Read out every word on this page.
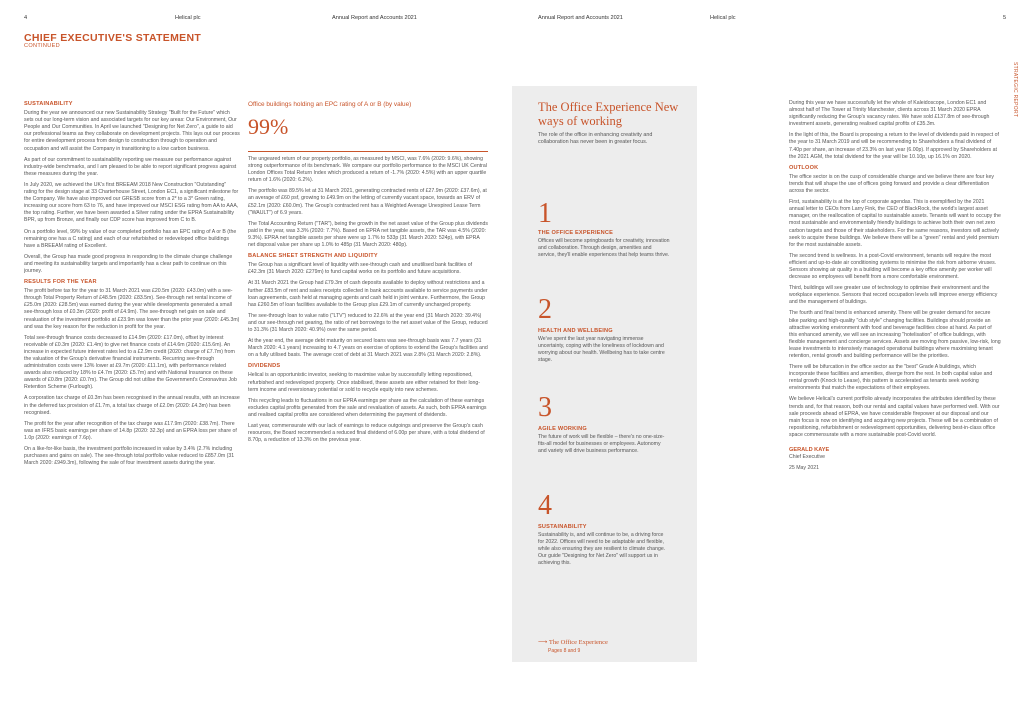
4	Helical plc	Annual Report and Accounts 2021
CHIEF EXECUTIVE'S STATEMENT
CONTINUED
SUSTAINABILITY

During the year we announced our new Sustainability Strategy "Built for the Future" which sets out our long-term vision and associated targets for our key areas: Our Environment, Our People and Our Communities. In April we launched "Designing for Net Zero", a guide to aid our professional teams as they collaborate on development projects. This lays out our process for entire development process from design to construction through to operation and occupation and will assist the Company in transitioning to a low carbon business.

As part of our commitment to sustainability reporting we measure our performance against industry-wide benchmarks, and I am pleased to be able to report significant progress against these measures during the year.

In July 2020, we achieved the UK's first BREEAM 2018 New Construction "Outstanding" rating for the design stage at 33 Charterhouse Street, London EC1, a significant milestone for the Company. We have also improved our GRESB score from a 2* to a 3* Green rating, increasing our score from 63 to 76, and have improved our MSCI ESG rating from AA to AAA, the top rating. Further, we have been awarded a Silver rating under the EPRA Sustainability BPR, up from Bronze, and finally our CDP score has improved from C to B.

On a portfolio level, 99% by value of our completed portfolio has an EPC rating of A or B (the remaining one has a C rating) and each of our refurbished or redeveloped office buildings have a BREEAM rating of Excellent.

Overall, the Group has made good progress in responding to the climate change challenge and meeting its sustainability targets and importantly has a clear path to continue on this journey.

RESULTS FOR THE YEAR

The profit before tax for the year to 31 March 2021 was £20.5m (2020: £43.0m) with a see-through Total Property Return of £48.5m (2020: £83.5m). See-through net rental income of £25.0m (2020: £28.5m) was earned during the year while developments generated a small see-through loss of £0.3m (2020: profit of £4.9m). The see-through net gain on sale and revaluation of the investment portfolio at £23.9m was lower than the prior year (2020: £45.3m) and was the key reason for the reduction in profit for the year.

Total see-through finance costs decreased to £14.9m (2020: £17.0m), offset by interest receivable of £0.3m (2020: £1.4m) to give net finance costs of £14.6m (2020: £15.6m). An increase in expected future interest rates led to a £2.9m credit (2020: charge of £7.7m) from the valuation of the Group's derivative financial instruments. Recurring see-through administration costs were 13% lower at £9.7m (2020: £11.1m), with performance related awards also reduced by 18% to £4.7m (2020: £5.7m) and with National Insurance on these awards of £0.8m (2020: £0.7m). The Group did not utilise the Government's Coronavirus Job Retention Scheme (Furlough).

A corporation tax charge of £0.3m has been recognised in the annual results, with an increase in the deferred tax provision of £1.7m, a total tax charge of £2.0m (2020: £4.3m) has been recognised.

The profit for the year after recognition of the tax charge was £17.9m (2020: £38.7m). There was an IFRS basic earnings per share of 14.8p (2020: 32.3p) and an EPRA loss per share of 1.0p (2020: earnings of 7.6p).

On a like-for-like basis, the investment portfolio increased in value by 3.4% (2.7% including purchases and gains on sale). The see-through total portfolio value reduced to £857.0m (31 March 2020: £949.3m), following the sale of four investment assets during the year.

Office buildings holding an EPC rating of A or B (by value)
99%

The ungeared return of our property portfolio, as measured by MSCI, was 7.6% (2020: 9.6%), showing strong outperformance of its benchmark. We compare our portfolio performance to the MSCI UK Central London Offices Total Return Index which produced a return of -1.7% (2020: 4.5%) with an upper quartile return of 1.6% (2020: 6.2%).

The portfolio was 89.5% let at 31 March 2021, generating contracted rents of £27.9m (2020: £37.6m), at an average of £60 psf, growing to £49.9m on the letting of currently vacant space, towards an ERV of £52.1m (2020: £60.0m). The Group's contracted rent has a Weighted Average Unexpired Lease Term ("WAULT") of 6.9 years.

The Total Accounting Return ("TAR"), being the growth in the net asset value of the Group plus dividends paid in the year, was 3.3% (2020: 7.7%). Based on EPRA net tangible assets, the TAR was 4.5% (2020: 9.3%). EPRA net tangible assets per share were up 1.7% to 533p (31 March 2020: 524p), with EPRA net disposal value per share up 1.0% to 485p (31 March 2020: 480p).

BALANCE SHEET STRENGTH AND LIQUIDITY

The Group has a significant level of liquidity with see-through cash and unutilised bank facilities of £42.3m (31 March 2020: £279m) to fund capital works on its portfolio and future acquisitions.

At 31 March 2021 the Group had £79.3m of cash deposits available to deploy without restrictions and a further £83.5m of rent and sales receipts collected in bank accounts available to service payments under loan agreements, cash held at managing agents and cash held in joint venture. Furthermore, the Group has £260.5m of loan facilities available to the Group plus £29.1m of currently uncharged property.

The see-through loan to value ratio ("LTV") reduced to 22.6% at the year end (31 March 2020: 39.4%) and our see-through net gearing, the ratio of net borrowings to the net asset value of the Group, reduced to 31.3% (31 March 2020: 40.9%) over the same period.

At the year end, the average debt maturity on secured loans was see-through basis was 7.7 years (31 March 2020: 4.1 years) increasing to 4.7 years on exercise of options to extend the Group's facilities and on a fully utilised basis. The average cost of debt at 31 March 2021 was 2.8% (31 March 2020: 2.8%).

DIVIDENDS

Helical is an opportunistic investor, seeking to maximise value by successfully letting repositioned, refurbished and redeveloped property. Once stabilised, these assets are either retained for their long-term income and reversionary potential or sold to recycle equity into new schemes.

This recycling leads to fluctuations in our EPRA earnings per share as the calculation of these earnings excludes capital profits generated from the sale and revaluation of assets. As such, both EPRA earnings and realised capital profits are considered when determining the payment of dividends.

Last year, commensurate with our lack of earnings to reduce outgoings and preserve the Group's cash resources, the Board recommended a reduced final dividend of 6.00p per share, with a total dividend of 8.70p, a reduction of 13.3% on the previous year.

Annual Report and Accounts 2021	Helical plc	5
STRATEGIC REPORT
The Office Experience New ways of working
The role of the office in enhancing creativity and collaboration has never been in greater focus.
1
THE OFFICE EXPERIENCE
Offices will become springboards for creativity, innovation and collaboration. Through design, amenities and service, they'll enable experiences that help teams thrive.
2
HEALTH AND WELLBEING
We've spent the last year navigating immense uncertainty, coping with the loneliness of lockdown and worrying about our health. Wellbeing has to take centre stage.
3
AGILE WORKING
The future of work will be flexible – there's no one-size-fits-all model for businesses or employees. Autonomy and variety will drive business performance.
4
SUSTAINABILITY
Sustainability is, and will continue to be, a driving force for 2022. Offices will need to be adaptable and flexible, while also ensuring they are resilient to climate change. Our guide "Designing for Net Zero" will support us in achieving this.
⟶ The Office Experience
Pages 8 and 9

During this year we have successfully let the whole of Kaleidoscope, London EC1 and almost half of The Tower at Trinity Manchester, clients across 31 March 2020 EPRA significantly reducing the Group's vacancy rates. We have sold £137.8m of see-through investment assets, generating realised capital profits of £35.3m.

In the light of this, the Board is proposing a return to the level of dividends paid in respect of the year to 31 March 2019 and will be recommending to Shareholders a final dividend of 7.40p per share, an increase of 23.3% on last year (6.00p). If approved by Shareholders at the 2021 AGM, the total dividend for the year will be 10.10p, up 16.1% on 2020.

OUTLOOK

The office sector is on the cusp of considerable change and we believe there are four key trends that will shape the use of offices going forward and provide a clear differentiation across the sector.

First, sustainability is at the top of corporate agendas. This is exemplified by the 2021 annual letter to CEOs from Larry Fink, the CEO of BlackRock, the world's largest asset manager, on the reallocation of capital to sustainable assets. Tenants will want to occupy the most sustainable and environmentally friendly buildings to achieve both their own net zero carbon targets and those of their stakeholders. For the same reasons, investors will actively seek to acquire these buildings. We believe there will be a "green" rental and yield premium for the most sustainable assets.

The second trend is wellness. In a post-Covid environment, tenants will require the most efficient and up-to-date air conditioning systems to minimise the risk from airborne viruses. Sensors showing air quality in a building will become a key office amenity per worker will decrease so employees will benefit from a more comfortable environment.

Third, buildings will see greater use of technology to optimise their environment and the workplace experience. Sensors that record occupation levels will improve energy efficiency and the management of buildings.

The fourth and final trend is enhanced amenity. There will be greater demand for secure bike parking and high-quality "club style" changing facilities. Buildings should provide an attractive working environment with food and beverage facilities close at hand. As part of this enhanced amenity, we will see an increasing "hotelisation" of office buildings, with flexible management and concierge services. Assets are moving from passive, low-risk, long lease investments to intensively managed operational buildings where maximising tenant retention, rental growth and building performance will be the priorities.

There will be bifurcation in the office sector as the "best" Grade A buildings, which incorporate these facilities and amenities, diverge from the rest. In both capital value and rental growth (Knock to Lease), this pattern is accelerated as tenants seek working environments that match the expectations of their employees.

We believe Helical's current portfolio already incorporates the attributes identified by these trends and, for that reason, both our rental and capital values have performed well. With our sale proceeds ahead of EPRA, we have considerable firepower at our disposal and our main focus is now on identifying and acquiring new projects. These will be a combination of repositioning, refurbishment or redevelopment opportunities, delivering best-in-class office space commensurate with a more sustainable post-Covid world.

GERALD KAYE
Chief Executive
25 May 2021
